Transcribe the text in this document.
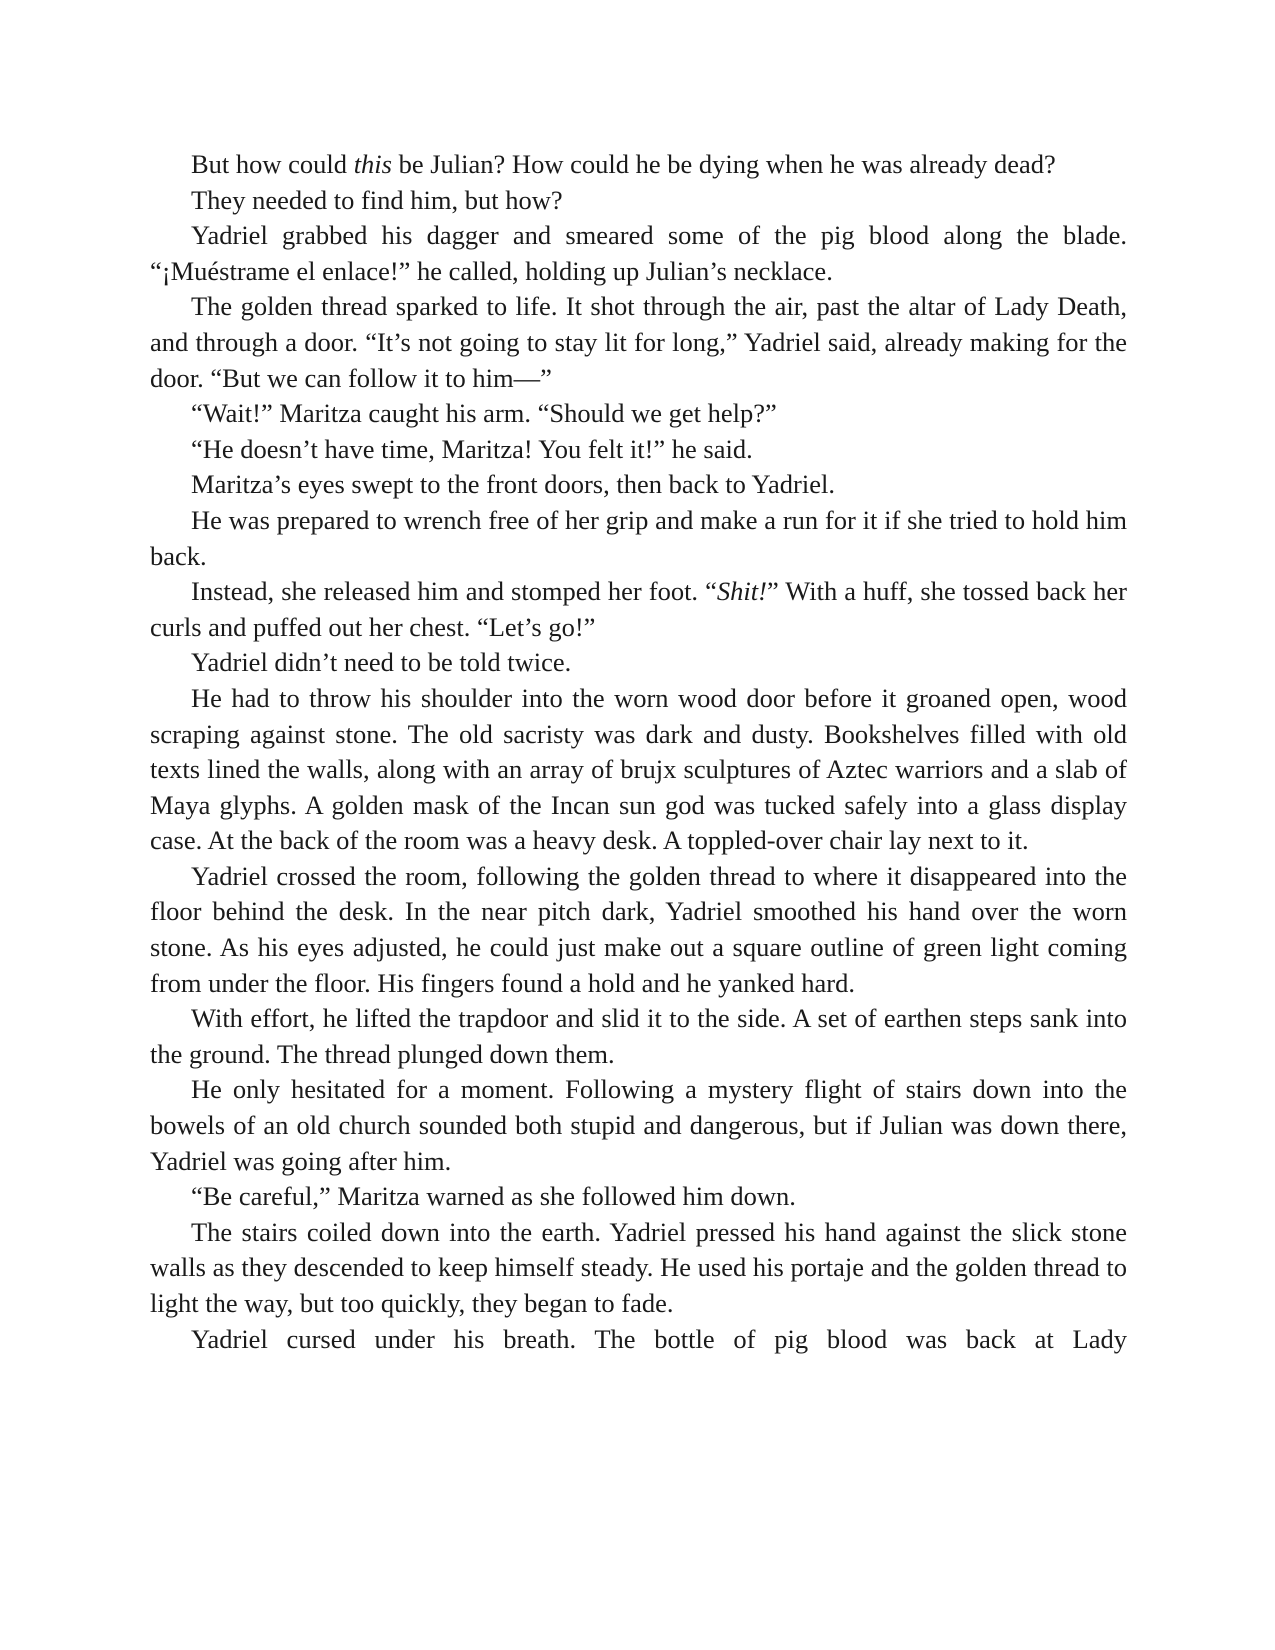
But how could this be Julian? How could he be dying when he was already dead?

They needed to find him, but how?

Yadriel grabbed his dagger and smeared some of the pig blood along the blade. “¡Muéstrame el enlace!” he called, holding up Julian’s necklace.

The golden thread sparked to life. It shot through the air, past the altar of Lady Death, and through a door. “It’s not going to stay lit for long,” Yadriel said, already making for the door. “But we can follow it to him—”

“Wait!” Maritza caught his arm. “Should we get help?”

“He doesn’t have time, Maritza! You felt it!” he said.

Maritza’s eyes swept to the front doors, then back to Yadriel.

He was prepared to wrench free of her grip and make a run for it if she tried to hold him back.

Instead, she released him and stomped her foot. “Shit!” With a huff, she tossed back her curls and puffed out her chest. “Let’s go!”

Yadriel didn’t need to be told twice.

He had to throw his shoulder into the worn wood door before it groaned open, wood scraping against stone. The old sacristy was dark and dusty. Bookshelves filled with old texts lined the walls, along with an array of brujx sculptures of Aztec warriors and a slab of Maya glyphs. A golden mask of the Incan sun god was tucked safely into a glass display case. At the back of the room was a heavy desk. A toppled-over chair lay next to it.

Yadriel crossed the room, following the golden thread to where it disappeared into the floor behind the desk. In the near pitch dark, Yadriel smoothed his hand over the worn stone. As his eyes adjusted, he could just make out a square outline of green light coming from under the floor. His fingers found a hold and he yanked hard.

With effort, he lifted the trapdoor and slid it to the side. A set of earthen steps sank into the ground. The thread plunged down them.

He only hesitated for a moment. Following a mystery flight of stairs down into the bowels of an old church sounded both stupid and dangerous, but if Julian was down there, Yadriel was going after him.

“Be careful,” Maritza warned as she followed him down.

The stairs coiled down into the earth. Yadriel pressed his hand against the slick stone walls as they descended to keep himself steady. He used his portaje and the golden thread to light the way, but too quickly, they began to fade.

Yadriel cursed under his breath. The bottle of pig blood was back at Lady
